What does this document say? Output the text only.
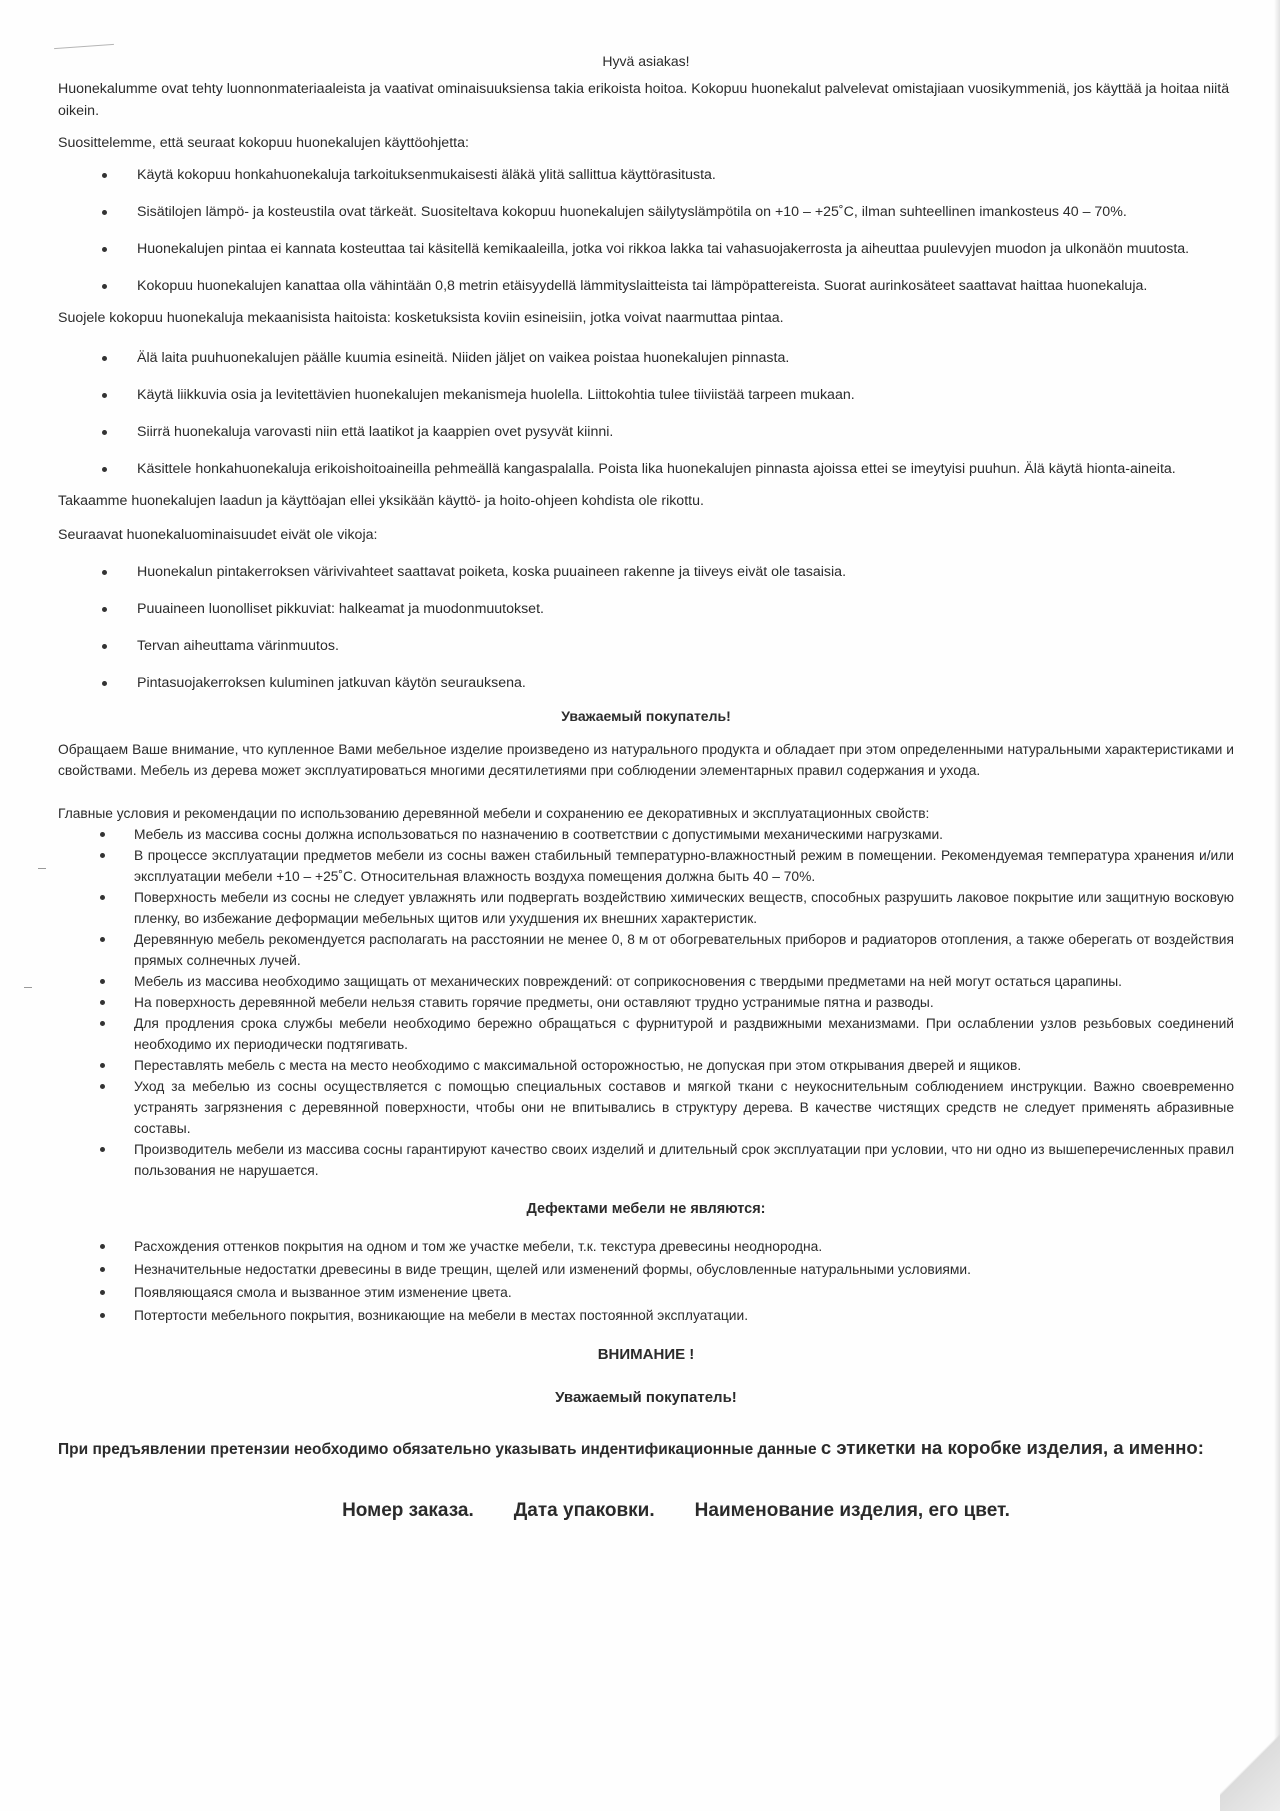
Hyvä asiakas!

Huonekalumme ovat tehty luonnonmateriaaleista ja vaativat ominaisuuksiensa takia erikoista hoitoa. Kokopuu huonekalut palvelevat omistajiaan vuosikymmeniä, jos käyttää ja hoitaa niitä oikein.

Suosittelemme, että seuraat kokopuu huonekalujen käyttöohjetta:

Käytä kokopuu honkahuonekaluja tarkoituksenmukaisesti äläkä ylitä sallittua käyttörasitusta.
Sisätilojen lämpö- ja kosteustila ovat tärkeät. Suositeltava kokopuu huonekalujen säilytyslämpötila on +10 – +25˚C, ilman suhteellinen imankosteus 40 – 70%.
Huonekalujen pintaa ei kannata kosteuttaa tai käsitellä kemikaaleilla, jotka voi rikkoa lakka tai vahasuojakerrosta ja aiheuttaa puulevyjen muodon ja ulkonäön muutosta.
Kokopuu huonekalujen kanattaa olla vähintään 0,8 metrin etäisyydellä lämmityslaitteista tai lämpöpattereista. Suorat aurinkosäteet saattavat haittaa huonekaluja.

Suojele kokopuu huonekaluja mekaanisista haitoista: kosketuksista koviin esineisiin, jotka voivat naarmuttaa pintaa.

Älä laita puuhuonekalujen päälle kuumia esineitä. Niiden jäljet on vaikea poistaa huonekalujen pinnasta.
Käytä liikkuvia osia ja levitettävien huonekalujen mekanismeja huolella. Liittokohtia tulee tiiviistää tarpeen mukaan.
Siirrä huonekaluja varovasti niin että laatikot ja kaappien ovet pysyvät kiinni.
Käsittele honkahuonekaluja erikoishoitoaineilla pehmeällä kangaspalalla. Poista lika huonekalujen pinnasta ajoissa ettei se imeytyisi puuhun. Älä käytä hionta-aineita.

Takaamme huonekalujen laadun ja käyttöajan ellei yksikään käyttö- ja hoito-ohjeen kohdista ole rikottu.

Seuraavat huonekaluominaisuudet eivät ole vikoja:

Huonekalun pintakerroksen värivivahteet saattavat poiketa, koska puuaineen rakenne ja tiiveys eivät ole tasaisia.
Puuaineen luonolliset pikkuviat: halkeamat ja muodonmuutokset.
Tervan aiheuttama värinmuutos.
Pintasuojakerroksen kuluminen jatkuvan käytön seurauksena.

Уважаемый покупатель!

Обращаем Ваше внимание, что купленное Вами мебельное изделие произведено из натурального продукта и обладает при этом определенными натуральными характеристиками и свойствами. Мебель из дерева может эксплуатироваться многими десятилетиями при соблюдении элементарных правил содержания и ухода.

Главные условия и рекомендации по использованию деревянной мебели и сохранению ее декоративных и эксплуатационных свойств:

Мебель из массива сосны должна использоваться по назначению в соответствии с допустимыми механическими нагрузками.
В процессе эксплуатации предметов мебели из сосны важен стабильный температурно-влажностный режим в помещении. Рекомендуемая температура хранения и/или эксплуатации мебели +10 – +25˚C. Относительная влажность воздуха помещения должна быть 40 – 70%.
Поверхность мебели из сосны не следует увлажнять или подвергать воздействию химических веществ, способных разрушить лаковое покрытие или защитную восковую пленку, во избежание деформации мебельных щитов или ухудшения их внешних характеристик.
Деревянную мебель рекомендуется располагать на расстоянии не менее 0, 8 м от обогревательных приборов и радиаторов отопления, а также оберегать от воздействия прямых солнечных лучей.
Мебель из массива необходимо защищать от механических повреждений: от соприкосновения с твердыми предметами на ней могут остаться царапины.
На поверхность деревянной мебели нельзя ставить горячие предметы, они оставляют трудно устранимые пятна и разводы.
Для продления срока службы мебели необходимо бережно обращаться с фурнитурой и раздвижными механизмами. При ослаблении узлов резьбовых соединений необходимо их периодически подтягивать.
Переставлять мебель с места на место необходимо с максимальной осторожностью, не допуская при этом открывания дверей и ящиков.
Уход за мебелью из сосны осуществляется с помощью специальных составов и мягкой ткани с неукоснительным соблюдением инструкции. Важно своевременно устранять загрязнения с деревянной поверхности, чтобы они не впитывались в структуру дерева. В качестве чистящих средств не следует применять абразивные составы.
Производитель мебели из массива сосны гарантируют качество своих изделий и длительный срок эксплуатации при условии, что ни одно из вышеперечисленных правил пользования не нарушается.

Дефектами мебели не являются:

Расхождения оттенков покрытия на одном и том же участке мебели, т.к. текстура древесины неоднородна.
Незначительные недостатки древесины в виде трещин, щелей или изменений формы, обусловленные натуральными условиями.
Появляющаяся смола и вызванное этим изменение цвета.
Потертости мебельного покрытия, возникающие на мебели в местах постоянной эксплуатации.

ВНИМАНИЕ !

Уважаемый покупатель!

При предъявлении претензии необходимо обязательно указывать индентификационные данные с этикетки на коробке изделия, а именно:

Номер заказа. Дата упаковки. Наименование изделия, его цвет.
